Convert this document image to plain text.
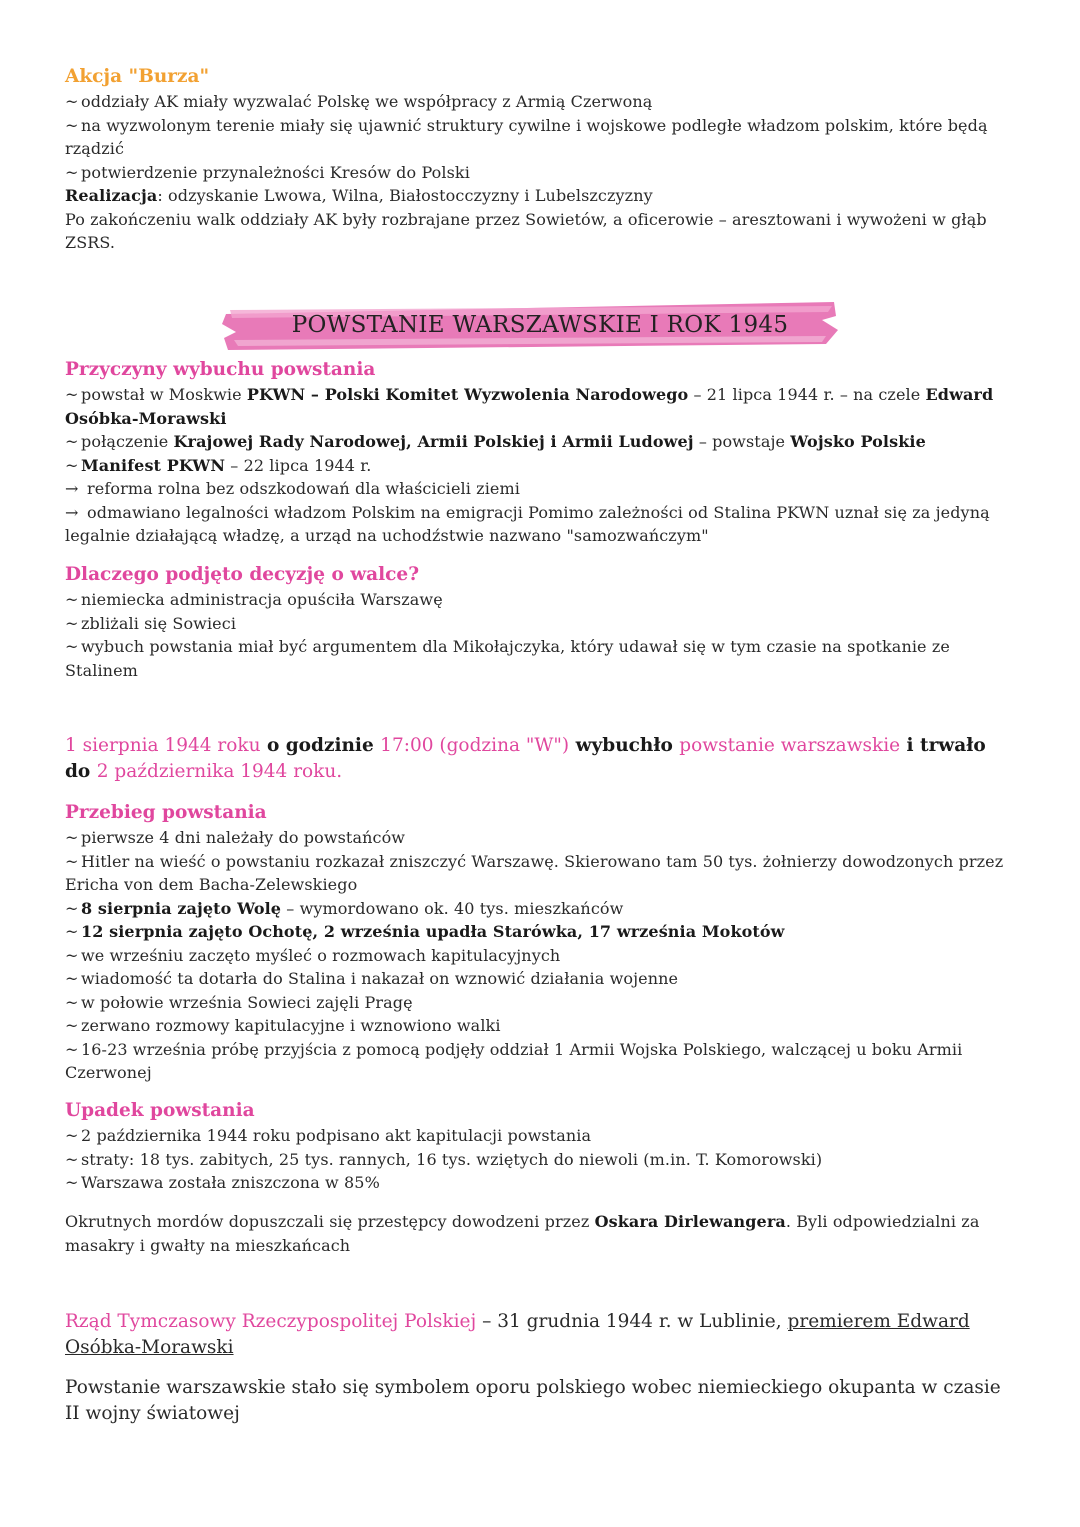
Akcja "Burza"
~ oddziały AK miały wyzwalać Polskę we współpracy z Armią Czerwoną
~ na wyzwolonym terenie miały się ujawnić struktury cywilne i wojskowe podległe władzom polskim, które będą rządzić
~ potwierdzenie przynależności Kresów do Polski
Realizacja: odzyskanie Lwowa, Wilna, Białostocczyzny i Lubelszczyzny
Po zakończeniu walk oddziały AK były rozbrajane przez Sowietów, a oficerowie – aresztowani i wywożeni w głąb ZSRS.
POWSTANIE WARSZAWSKIE I ROK 1945
Przyczyny wybuchu powstania
~ powstał w Moskwie PKWN – Polski Komitet Wyzwolenia Narodowego – 21 lipca 1944 r. – na czele Edward Osóbka-Morawski
~ połączenie Krajowej Rady Narodowej, Armii Polskiej i Armii Ludowej – powstaje Wojsko Polskie
~ Manifest PKWN – 22 lipca 1944 r.
→ reforma rolna bez odszkodowań dla właścicieli ziemi
→ odmawiano legalności władzom Polskim na emigracji Pomimo zależności od Stalina PKWN uznał się za jedyną legalnie działającą władzę, a urząd na uchodźstwie nazwano "samozwańczym"
Dlaczego podjęto decyzję o walce?
~ niemiecka administracja opuściła Warszawę
~ zbliżali się Sowieci
~ wybuch powstania miał być argumentem dla Mikołajczyka, który udawał się w tym czasie na spotkanie ze Stalinem
1 sierpnia 1944 roku o godzinie 17:00 (godzina "W") wybuchło powstanie warszawskie i trwało do 2 października 1944 roku.
Przebieg powstania
~ pierwsze 4 dni należały do powstańców
~ Hitler na wieść o powstaniu rozkazał zniszczyć Warszawę. Skierowano tam 50 tys. żołnierzy dowodzonych przez Ericha von dem Bacha-Zelewskiego
~ 8 sierpnia zajęto Wolę – wymordowano ok. 40 tys. mieszkańców
~ 12 sierpnia zajęto Ochotę, 2 września upadła Starówka, 17 września Mokotów
~ we wrześniu zaczęto myśleć o rozmowach kapitulacyjnych
~ wiadomość ta dotarła do Stalina i nakazał on wznowić działania wojenne
~ w połowie września Sowieci zajęli Pragę
~ zerwano rozmowy kapitulacyjne i wznowiono walki
~ 16-23 września próbę przyjścia z pomocą podjęły oddział 1 Armii Wojska Polskiego, walczącej u boku Armii Czerwonej
Upadek powstania
~ 2 października 1944 roku podpisano akt kapitulacji powstania
~ straty: 18 tys. zabitych, 25 tys. rannych, 16 tys. wziętych do niewoli (m.in. T. Komorowski)
~ Warszawa została zniszczona w 85%
Okrutnych mordów dopuszczali się przestępcy dowodzeni przez Oskara Dirlewangera. Byli odpowiedzialni za masakry i gwałty na mieszkańcach
Rząd Tymczasowy Rzeczypospolitej Polskiej – 31 grudnia 1944 r. w Lublinie, premierem Edward Osóbka-Morawski
Powstanie warszawskie stało się symbolem oporu polskiego wobec niemieckiego okupanta w czasie II wojny światowej
